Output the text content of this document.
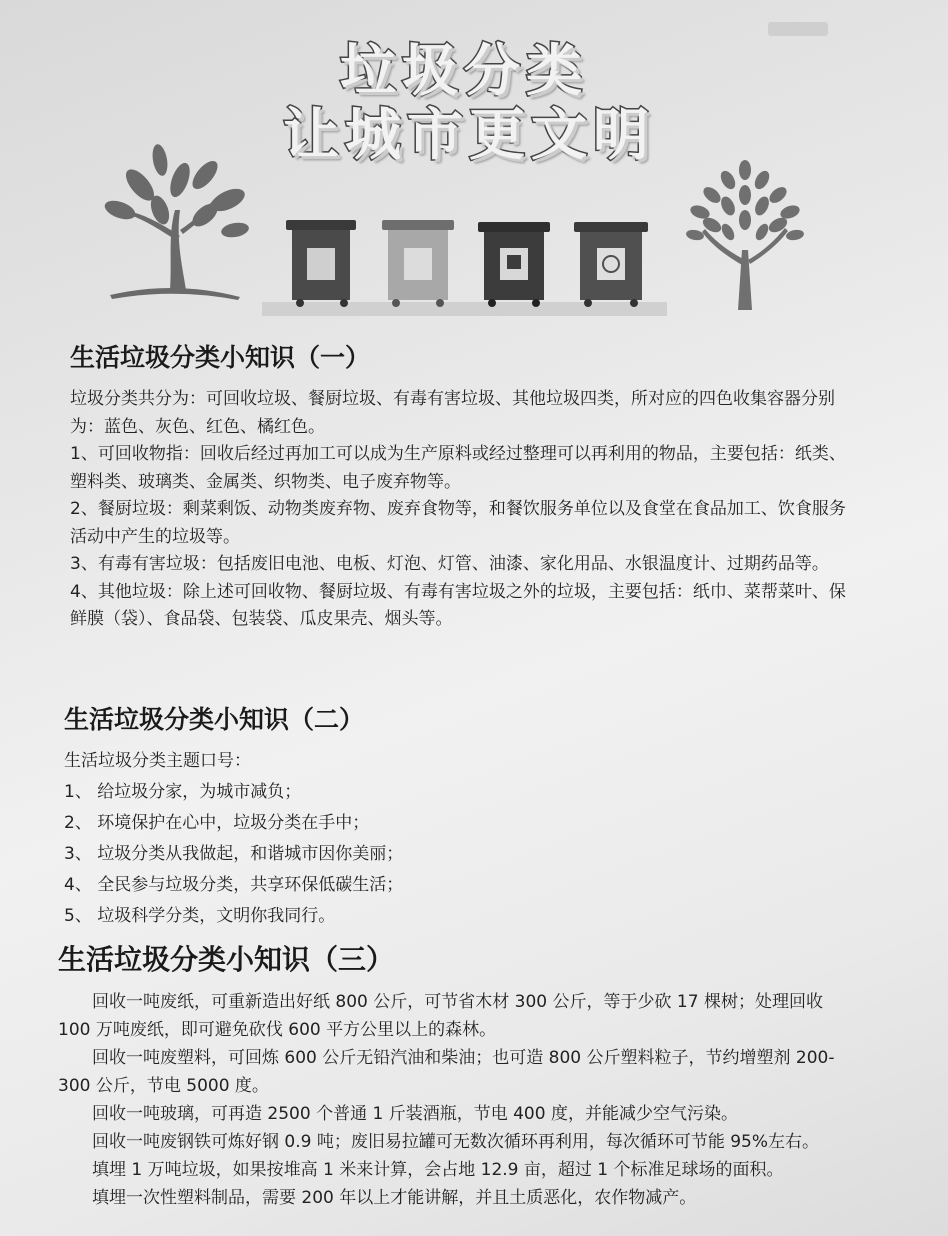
垃圾分类
让城市更文明
生活垃圾分类小知识（一）

垃圾分类共分为：可回收垃圾、餐厨垃圾、有毒有害垃圾、其他垃圾四类，所对应的四色收集容器分别为：蓝色、灰色、红色、橘红色。

1、可回收物指：回收后经过再加工可以成为生产原料或经过整理可以再利用的物品，主要包括：纸类、塑料类、玻璃类、金属类、织物类、电子废弃物等。

2、餐厨垃圾：剩菜剩饭、动物类废弃物、废弃食物等，和餐饮服务单位以及食堂在食品加工、饮食服务活动中产生的垃圾等。

3、有毒有害垃圾：包括废旧电池、电板、灯泡、灯管、油漆、家化用品、水银温度计、过期药品等。

4、其他垃圾：除上述可回收物、餐厨垃圾、有毒有害垃圾之外的垃圾，主要包括：纸巾、菜帮菜叶、保鲜膜（袋）、食品袋、包装袋、瓜皮果壳、烟头等。

生活垃圾分类小知识（二）

生活垃圾分类主题口号：

1、 给垃圾分家，为城市减负；

2、 环境保护在心中，垃圾分类在手中；

3、 垃圾分类从我做起，和谐城市因你美丽；

4、 全民参与垃圾分类，共享环保低碳生活；

5、 垃圾科学分类，文明你我同行。

生活垃圾分类小知识（三）

回收一吨废纸，可重新造出好纸 800 公斤，可节省木材 300 公斤，等于少砍 17 棵树；处理回收 100 万吨废纸，即可避免砍伐 600 平方公里以上的森林。

回收一吨废塑料，可回炼 600 公斤无铅汽油和柴油；也可造 800 公斤塑料粒子，节约增塑剂 200-300 公斤，节电 5000 度。

回收一吨玻璃，可再造 2500 个普通 1 斤装酒瓶，节电 400 度，并能减少空气污染。

回收一吨废钢铁可炼好钢 0.9 吨；废旧易拉罐可无数次循环再利用，每次循环可节能 95%左右。

填埋 1 万吨垃圾，如果按堆高 1 米来计算，会占地 12.9 亩，超过 1 个标准足球场的面积。

填埋一次性塑料制品，需要 200 年以上才能讲解，并且土质恶化，农作物减产。
